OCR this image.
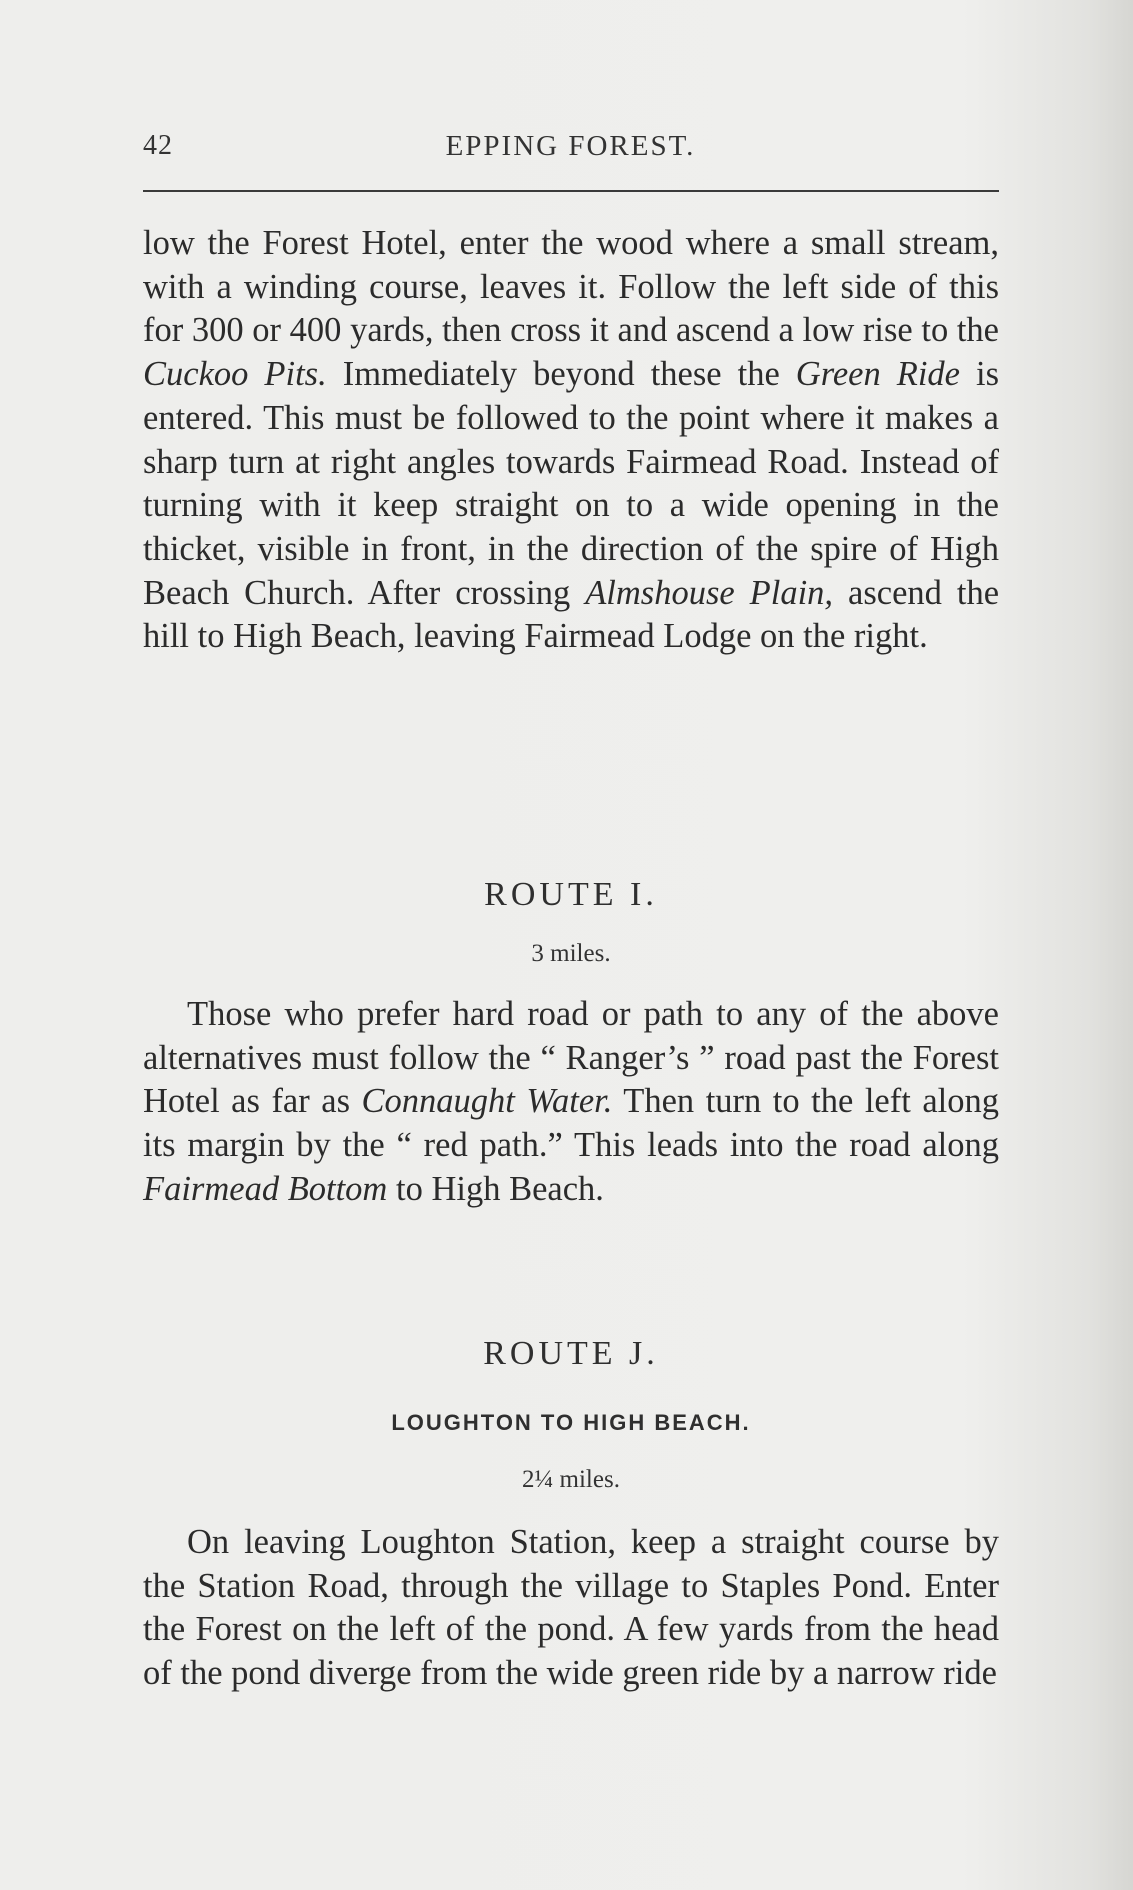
42	EPPING FOREST.

low the Forest Hotel, enter the wood where a small stream, with a winding course, leaves it. Follow the left side of this for 300 or 400 yards, then cross it and ascend a low rise to the Cuckoo Pits. Immediately beyond these the Green Ride is entered. This must be followed to the point where it makes a sharp turn at right angles towards Fairmead Road. Instead of turning with it keep straight on to a wide opening in the thicket, visible in front, in the direction of the spire of High Beach Church. After crossing Almshouse Plain, ascend the hill to High Beach, leaving Fairmead Lodge on the right.

ROUTE I.
3 miles.

Those who prefer hard road or path to any of the above alternatives must follow the “ Ranger’s ” road past the Forest Hotel as far as Connaught Water. Then turn to the left along its margin by the “ red path.” This leads into the road along Fairmead Bottom to High Beach.

ROUTE J.
LOUGHTON TO HIGH BEACH.
2¼ miles.

On leaving Loughton Station, keep a straight course by the Station Road, through the village to Staples Pond. Enter the Forest on the left of the pond. A few yards from the head of the pond diverge from the wide green ride by a narrow ride
